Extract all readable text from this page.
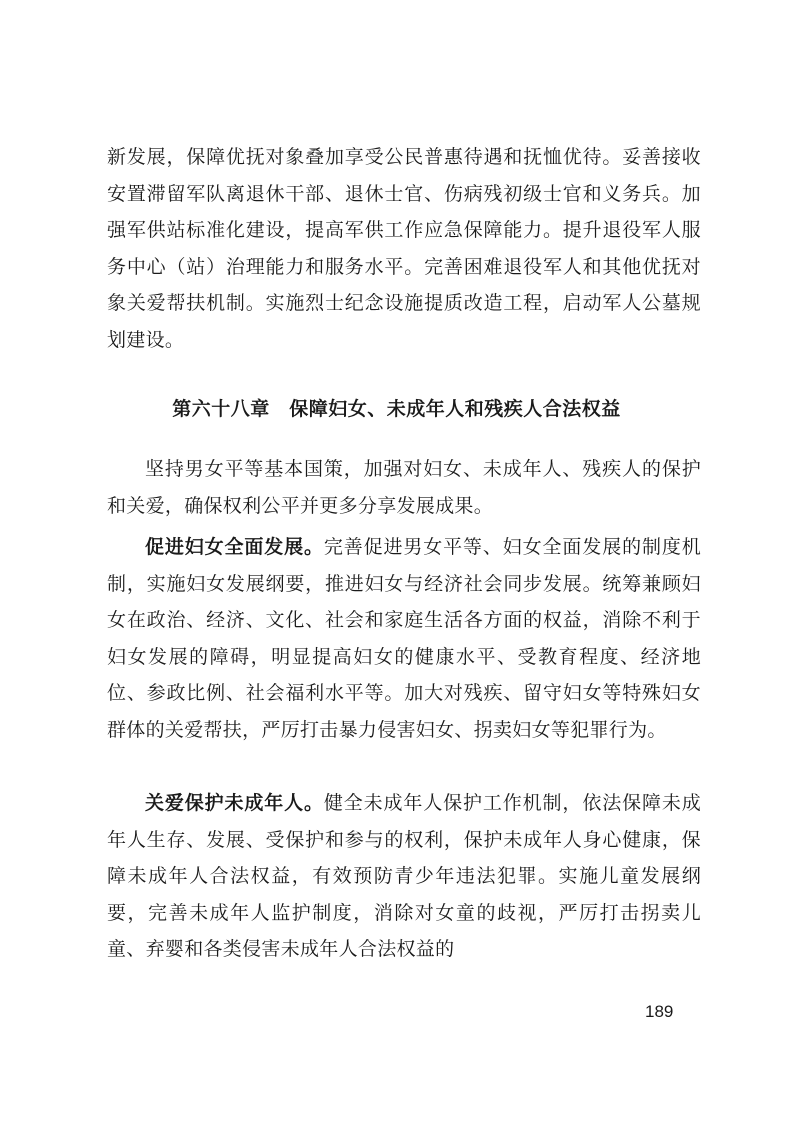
新发展，保障优抚对象叠加享受公民普惠待遇和抚恤优待。妥善接收安置滞留军队离退休干部、退休士官、伤病残初级士官和义务兵。加强军供站标准化建设，提高军供工作应急保障能力。提升退役军人服务中心（站）治理能力和服务水平。完善困难退役军人和其他优抚对象关爱帮扶机制。实施烈士纪念设施提质改造工程，启动军人公墓规划建设。

第六十八章　保障妇女、未成年人和残疾人合法权益

坚持男女平等基本国策，加强对妇女、未成年人、残疾人的保护和关爱，确保权利公平并更多分享发展成果。

促进妇女全面发展。完善促进男女平等、妇女全面发展的制度机制，实施妇女发展纲要，推进妇女与经济社会同步发展。统筹兼顾妇女在政治、经济、文化、社会和家庭生活各方面的权益，消除不利于妇女发展的障碍，明显提高妇女的健康水平、受教育程度、经济地位、参政比例、社会福利水平等。加大对残疾、留守妇女等特殊妇女群体的关爱帮扶，严厉打击暴力侵害妇女、拐卖妇女等犯罪行为。

关爱保护未成年人。健全未成年人保护工作机制，依法保障未成年人生存、发展、受保护和参与的权利，保护未成年人身心健康，保障未成年人合法权益，有效预防青少年违法犯罪。实施儿童发展纲要，完善未成年人监护制度，消除对女童的歧视，严厉打击拐卖儿童、弃婴和各类侵害未成年人合法权益的

189
